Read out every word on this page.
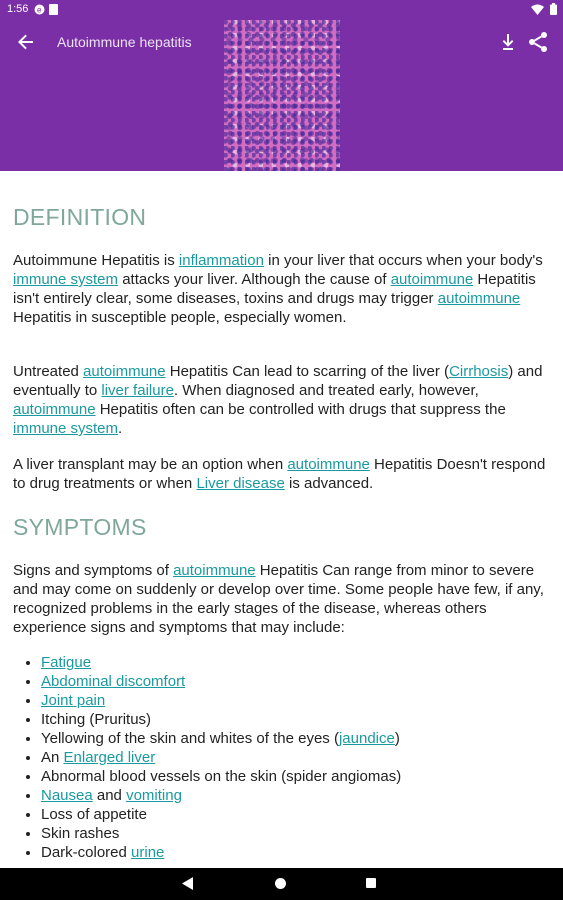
1:56 e
Autoimmune hepatitis
DEFINITION

Autoimmune Hepatitis is inflammation in your liver that occurs when your body's immune system attacks your liver. Although the cause of autoimmune Hepatitis isn't entirely clear, some diseases, toxins and drugs may trigger autoimmune Hepatitis in susceptible people, especially women.

Untreated autoimmune Hepatitis Can lead to scarring of the liver (Cirrhosis) and eventually to liver failure. When diagnosed and treated early, however, autoimmune Hepatitis often can be controlled with drugs that suppress the immune system.

A liver transplant may be an option when autoimmune Hepatitis Doesn't respond to drug treatments or when Liver disease is advanced.

SYMPTOMS

Signs and symptoms of autoimmune Hepatitis Can range from minor to severe and may come on suddenly or develop over time. Some people have few, if any, recognized problems in the early stages of the disease, whereas others experience signs and symptoms that may include:

• Fatigue
• Abdominal discomfort
• Joint pain
• Itching (Pruritus)
• Yellowing of the skin and whites of the eyes (jaundice)
• An Enlarged liver
• Abnormal blood vessels on the skin (spider angiomas)
• Nausea and vomiting
• Loss of appetite
• Skin rashes
• Dark-colored urine
